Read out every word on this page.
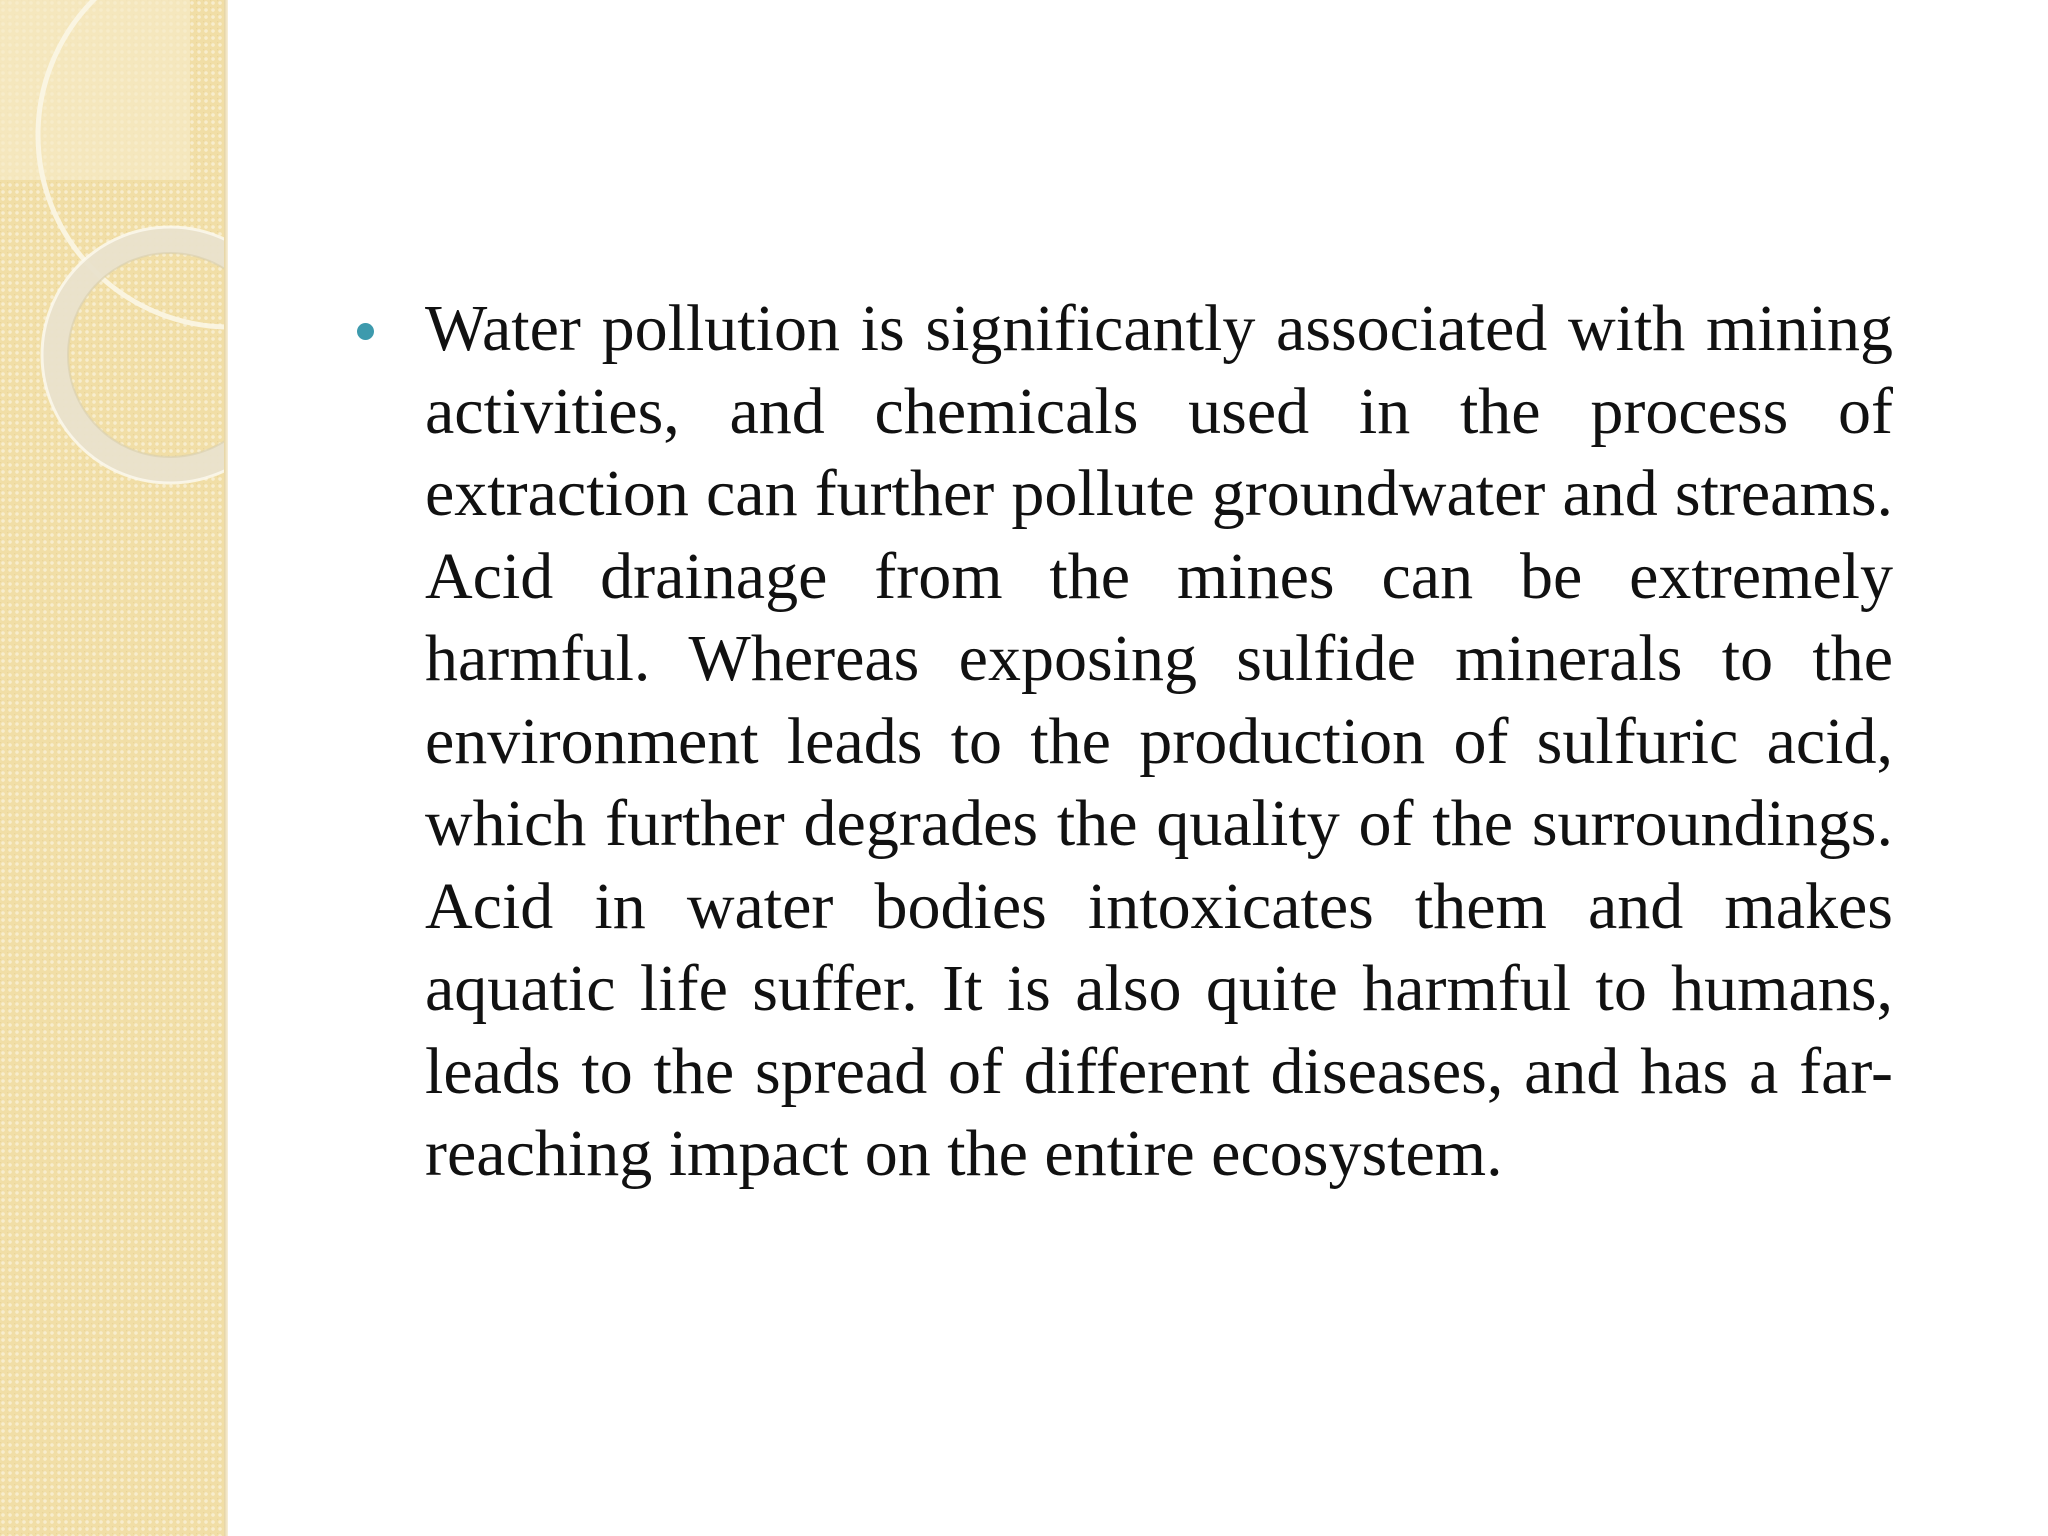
Water pollution is significantly associated with mining activities, and chemicals used in the process of extraction can further pollute groundwater and streams. Acid drainage from the mines can be extremely harmful. Whereas exposing sulfide minerals to the environment leads to the production of sulfuric acid, which further degrades the quality of the surroundings. Acid in water bodies intoxicates them and makes aquatic life suffer. It is also quite harmful to humans, leads to the spread of different diseases, and has a far-reaching impact on the entire ecosystem.
